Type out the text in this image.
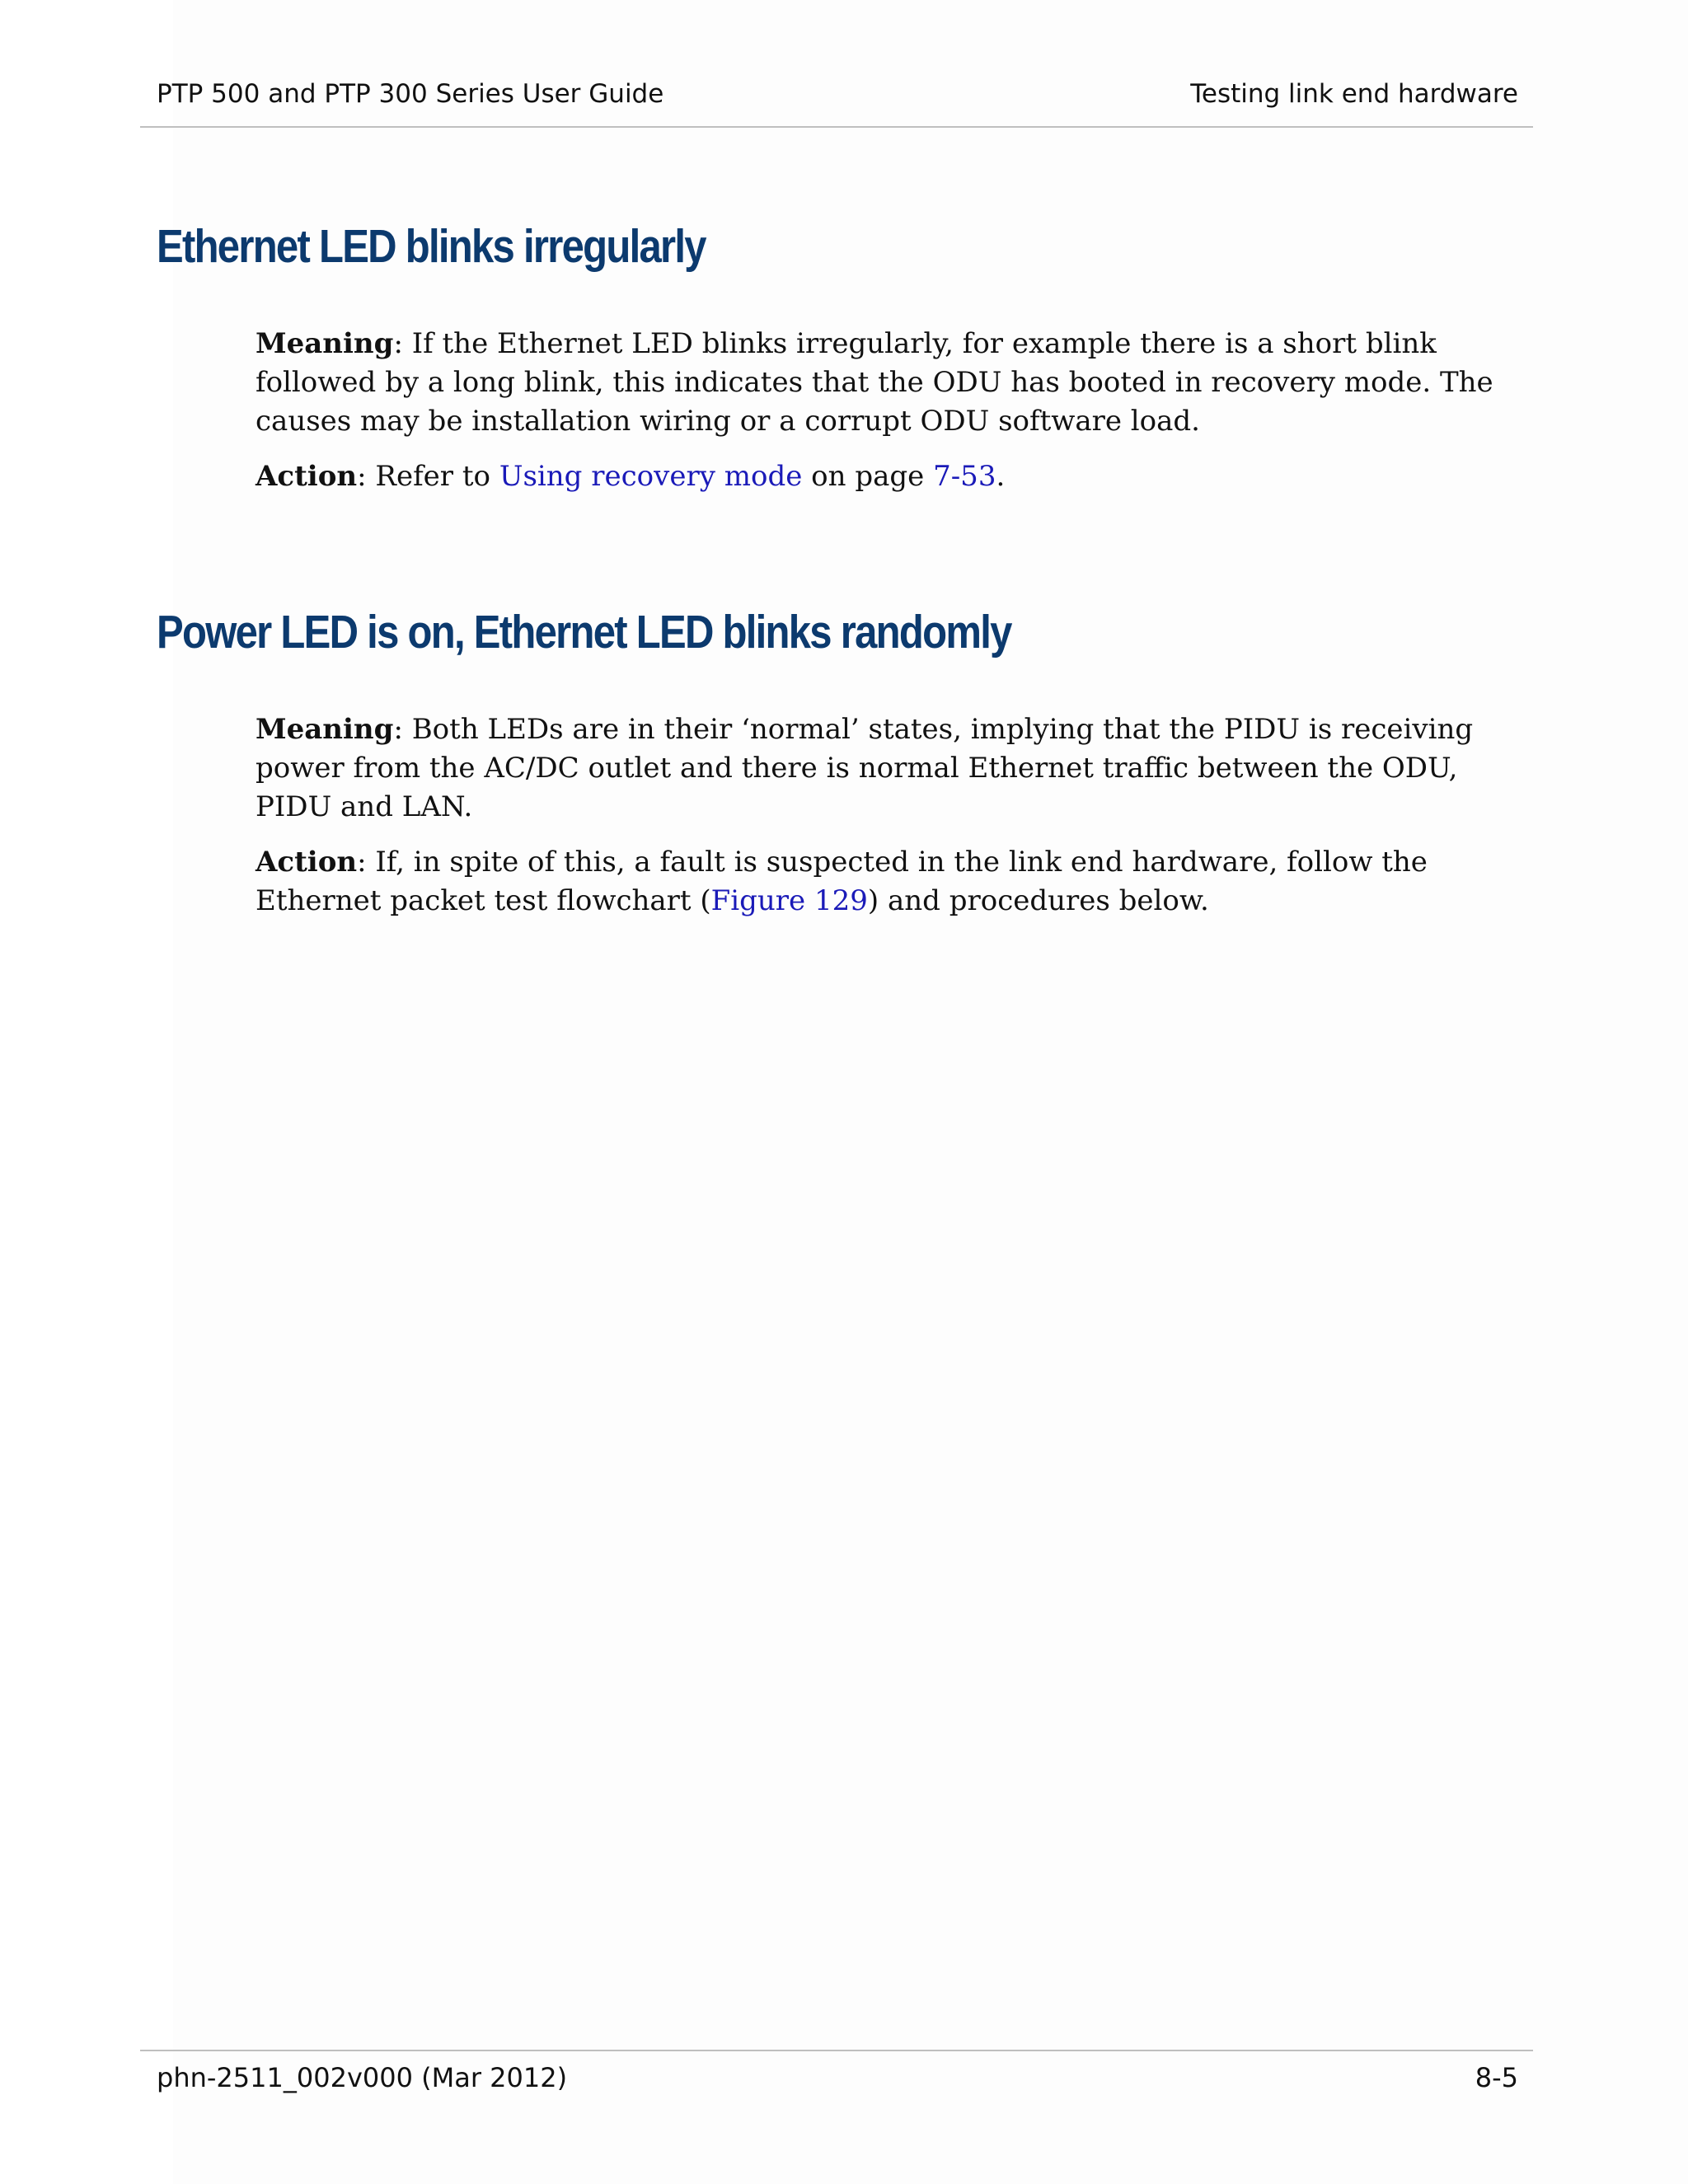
PTP 500 and PTP 300 Series User Guide	Testing link end hardware
Ethernet LED blinks irregularly

Meaning: If the Ethernet LED blinks irregularly, for example there is a short blink followed by a long blink, this indicates that the ODU has booted in recovery mode. The causes may be installation wiring or a corrupt ODU software load.

Action: Refer to Using recovery mode on page 7-53.

Power LED is on, Ethernet LED blinks randomly

Meaning: Both LEDs are in their ‘normal’ states, implying that the PIDU is receiving power from the AC/DC outlet and there is normal Ethernet traffic between the ODU, PIDU and LAN.

Action: If, in spite of this, a fault is suspected in the link end hardware, follow the Ethernet packet test flowchart (Figure 129) and procedures below.

phn-2511_002v000 (Mar 2012)	8-5
